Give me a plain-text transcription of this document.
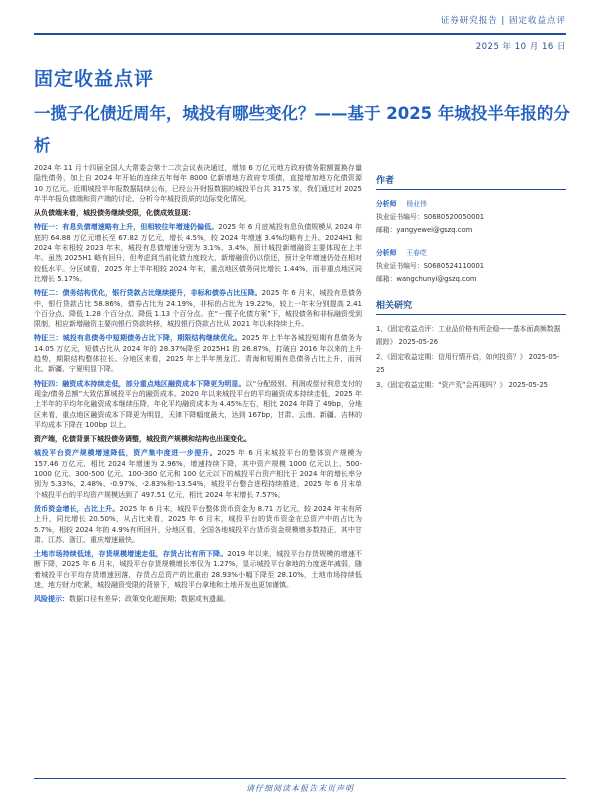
证券研究报告 | 固定收益点评
2025 年 10 月 16 日
固定收益点评
一揽子化债近周年，城投有哪些变化？——基于 2025 年城投半年报的分析

2024 年 11 月十四届全国人大常委会第十二次会议表决通过，增加 6 万亿元地方政府债务限额置换存量隐性债务，加上自 2024 年开始的连续五年每年 8000 亿新增地方政府专项债，直接增加地方化债资源 10 万亿元。近期城投半年报数据陆续公布，已经公开财报数据的城投平台共 3175 家，我们通过对 2025 年半年报负债端和资产端的讨论，分析今年城投资质的边际变化情况。

从负债端来看，城投债务继续受限，化债成效显现：

特征一：有息负债增速略有上升，但相较往年增速仍偏低。2025 年 6 月底城投有息负债规模从 2024 年底的 64.88 万亿元增长至 67.82 万亿元，增长 4.5%，较 2024 年增速 3.4%均略有上升。2024H1 和 2024 年末相较 2023 年末，城投有息债增速分别为 3.1%、3.4%，预计城投新增融资主要体现在上半年。虽然 2025H1 略有回升，但考虑到当前化债力度较大，新增融资仍以偿还，预计全年增速仍处在相对较低水平。分区域看，2025 年上半年相较 2024 年末，重点地区债务同比增长 1.44%，而非重点地区同比增长 5.17%。

特征二：债务结构优化，银行贷款占比继续提升，非标和债券占比压降。2025 年 6 月末，城投有息债务中，银行贷款占比 58.86%，债券占比为 24.19%，非标的占比为 19.22%，较上一年末分别提高 2.41 个百分点、降低 1.28 个百分点、降低 1.13 个百分点。在“一揽子化债方案”下，城投债务和非标融资受到限制，相应新增融资主要向银行贷款转移，城投银行贷款占比从 2021 年以来持续上升。

特征三：城投有息债务中短期债务占比下降，期限结构继续优化。2025 年上半年各城投短期有息债务为 14.05 万亿元，短债占比从 2024 年的 28.37%降至 2025H1 的 26.87%，打破自 2016 年以来的上升趋势，期限结构整体拉长。分地区来看，2025 年上半年黑龙江、青海和短期有息债务占比上升，而河北、新疆、宁夏明显下降。

特征四：融资成本持续走低，部分重点地区融资成本下降更为明显。以“分配级别、利润或偿付利息支付的现金/债务总额”大致估算城投平台的融资成本。2020 年以来城投平台的平均融资成本持续走低，2025 年上半年的平均年化融资成本继续压降，年化平均融资成本为 4.45%左右，相比 2024 年降了 49bp，分地区来看，重点地区融资成本下降更为明显，天津下降幅度最大，达到 167bp，甘肃、云南、新疆、吉林的平均成本下降在 100bp 以上。

资产端，化债背景下城投债务调整，城投资产规模和结构也出现变化。

城投平台资产规模增速降低，资产集中度进一步提升。2025 年 6 月末城投平台的整体资产规模为 157.46 万亿元，相比 2024 年增速为 2.96%，增速持续下降，其中资产规模 1000 亿元以上、500-1000 亿元、300-500 亿元、100-300 亿元和 100 亿元以下的城投平台资产相比于 2024 年的增长率分别为 5.33%、2.48%、-0.97%、-2.83%和-13.54%，城投平台整合进程持续推进，2025 年 6 月末单个城投平台的平均资产规模达到了 497.51 亿元，相比 2024 年末增长 7.57%。

货币资金增长，占比上升。2025 年 6 月末，城投平台整体货币资金为 8.71 万亿元，较 2024 年末有所上升，同比增长 20.50%，从占比来看，2025 年 6 月末，城投平台的货币资金在总资产中的占比为 5.7%，相较 2024 年的 4.9%有所回升，分地区看，全国各地城投平台货币资金规模增多数持正，其中甘肃、江苏、浙江、重庆增速最快。

土地市场持续低迷，存货规模增速走低，存货占比有所下降。2019 年以来，城投平台存货规模的增速不断下降，2025 年 6 月末，城投平台存货规模增长率仅为 1.27%，显示城投平台拿地的力度逐年减弱，随着城投平台平均存货增速回落，存货占总资产的比重由 28.93%小幅下降至 28.10%，土地市场持续低迷，地方财力吃紧，城投融资受限的背景下，城投平台拿地和土地开发也更加谨慎。

风险提示：数据口径有差异；政策变化超预期；数据或有遗漏。

作者
分析师 杨业伟
执业证书编号：S0680520050001
邮箱：yangyewei@gszq.com
分析师 王春呓
执业证书编号：S0680524110001
邮箱：wangchunyi@gszq.com
相关研究
1、《固定收益点评：工业品价格有所企稳——基本面高频数据跟踪》 2025-05-26
2、《固定收益定期：信用行情开启，如何投资？》 2025-05-25
3、《固定收益定期：“资产荒”会再现吗？》 2025-05-25
请仔细阅读本报告末页声明
